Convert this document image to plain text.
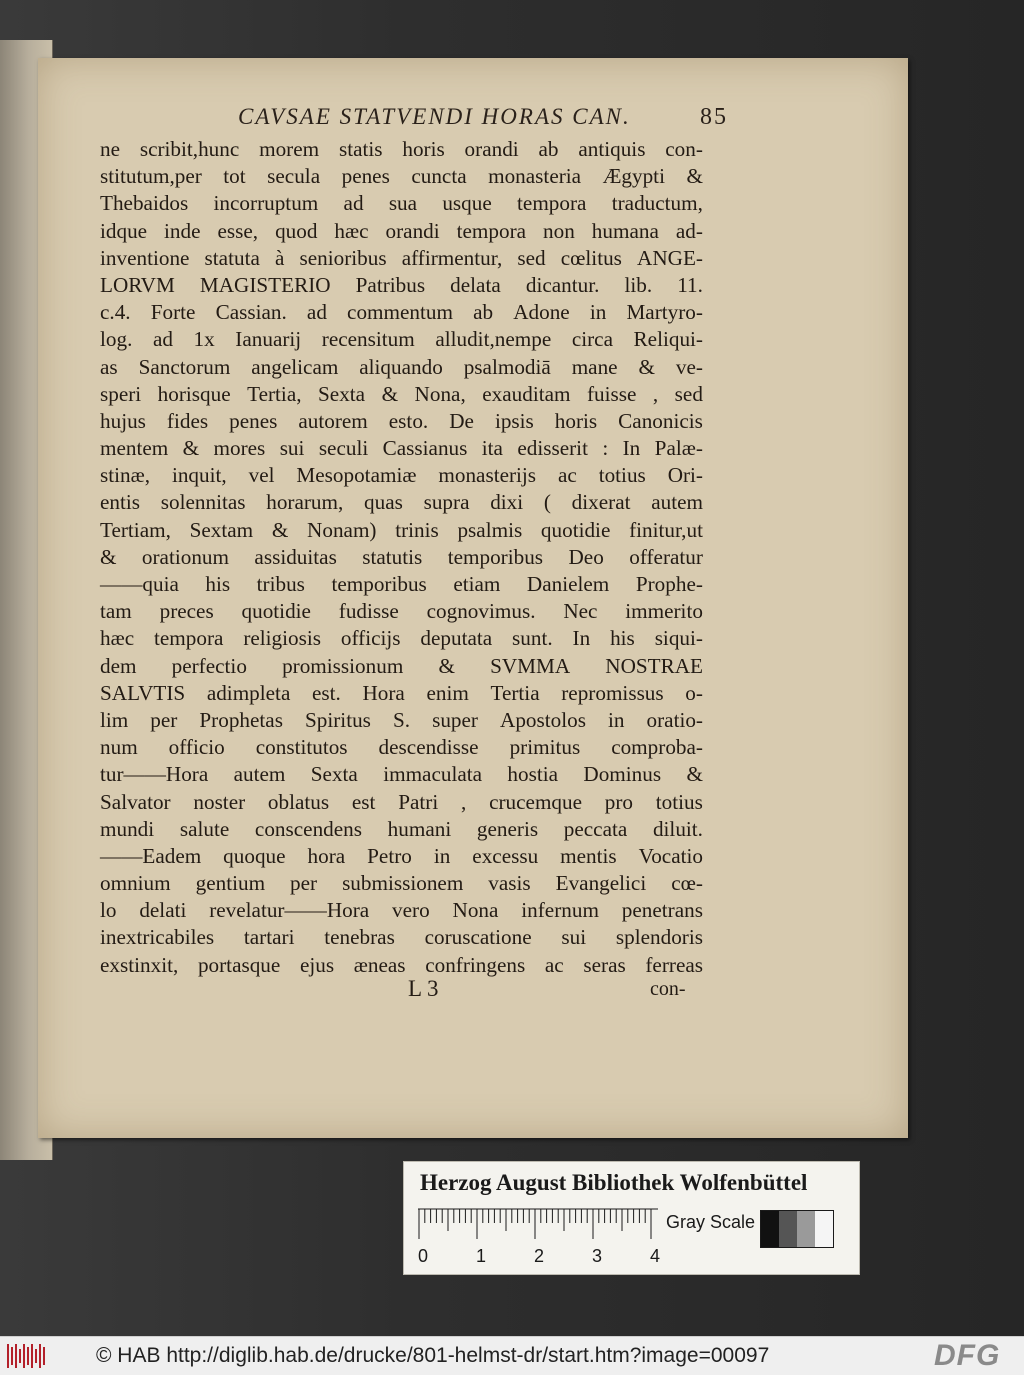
CAVSAE STATVENDI HORAS CAN.	85
ne scribit,hunc morem statis horis orandi ab antiquis con-
stitutum,per tot secula penes cuncta monasteria Ægypti &
Thebaidos incorruptum ad sua usque tempora traductum,
idque inde esse, quod hæc orandi tempora non humana ad-
inventione statuta à senioribus affirmentur, sed cœlitus ANGE-
LORVM MAGISTERIO Patribus delata dicantur. lib. 11.
c.4. Forte Cassian. ad commentum ab Adone in Martyro-
log. ad 1x Ianuarij recensitum alludit,nempe circa Reliqui-
as Sanctorum angelicam aliquando psalmodiā mane & ve-
speri horisque Tertia, Sexta & Nona, exauditam fuisse , sed
hujus fides penes autorem esto. De ipsis horis Canonicis
mentem & mores sui seculi Cassianus ita edisserit : In Palæ-
stinæ, inquit, vel Mesopotamiæ monasterijs ac totius Ori-
entis solennitas horarum, quas supra dixi ( dixerat autem
Tertiam, Sextam & Nonam) trinis psalmis quotidie finitur,ut
& orationum assiduitas statutis temporibus Deo offeratur
——quia his tribus temporibus etiam Danielem Prophe-
tam preces quotidie fudisse cognovimus. Nec immerito
hæc tempora religiosis officijs deputata sunt. In his siqui-
dem perfectio promissionum & SVMMA NOSTRAE
SALVTIS adimpleta est. Hora enim Tertia repromissus o-
lim per Prophetas Spiritus S. super Apostolos in oratio-
num officio constitutos descendisse primitus comproba-
tur——Hora autem Sexta immaculata hostia Dominus &
Salvator noster oblatus est Patri , crucemque pro totius
mundi salute conscendens humani generis peccata diluit.
——Eadem quoque hora Petro in excessu mentis Vocatio
omnium gentium per submissionem vasis Evangelici cœ-
lo delati revelatur——Hora vero Nona infernum penetrans
inextricabiles tartari tenebras coruscatione sui splendoris
exstinxit, portasque ejus æneas confringens ac seras ferreas
L 3	con-
Herzog August Bibliothek Wolfenbüttel
0	1	2	3	4
Gray Scale
© HAB http://diglib.hab.de/drucke/801-helmst-dr/start.htm?image=00097	DFG
